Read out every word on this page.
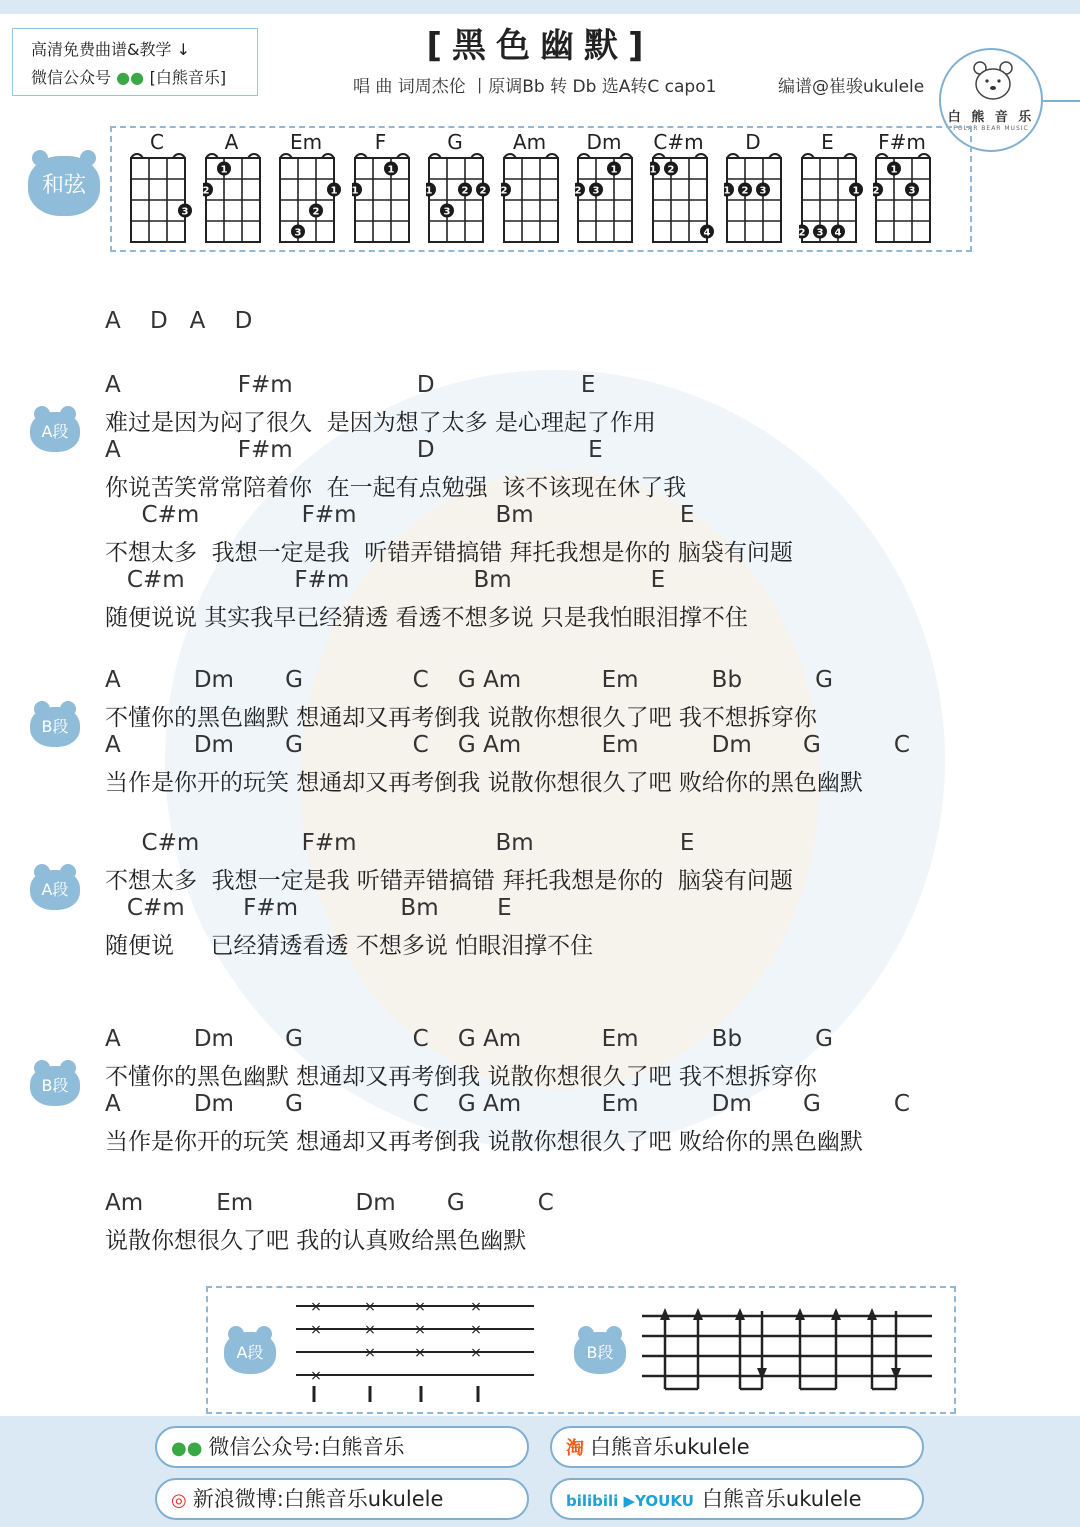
高清免费曲谱&教学 ↓
微信公众号 ●● [白熊音乐]
[黑色幽默]
唱 曲 词周杰伦 丨原调Bb 转 Db 选A转C capo1	编谱@崔骏ukulele
白 熊 音 乐
POLAR BEAR MUSIC
和弦
C
3
A
1
2
Em
1
2
3
F
1
1
G
1	2
3
2
Am
2
Dm
2 3
1
C#m
1 2
4
D
1 2 3
E
1
2 3 4
F#m
1
2	3
A    D   A    D
A段
A                F#m                 D                    E
难过是因为闷了很久  是因为想了太多 是心理起了作用
A                F#m                 D                     E
你说苦笑常常陪着你  在一起有点勉强  该不该现在休了我
C#m              F#m                   Bm                    E
不想太多  我想一定是我  听错弄错搞错 拜托我想是你的 脑袋有问题
C#m               F#m                 Bm                   E
随便说说 其实我早已经猜透 看透不想多说 只是我怕眼泪撑不住
B段
A          Dm       G               C    G Am           Em          Bb          G
不懂你的黑色幽默 想通却又再考倒我 说散你想很久了吧 我不想拆穿你
A          Dm       G               C    G Am           Em          Dm       G          C
当作是你开的玩笑 想通却又再考倒我 说散你想很久了吧 败给你的黑色幽默
A段
C#m              F#m                   Bm                    E
不想太多  我想一定是我 听错弄错搞错 拜托我想是你的  脑袋有问题
C#m        F#m              Bm        E
随便说     已经猜透看透 不想多说 怕眼泪撑不住
B段
A          Dm       G               C    G Am           Em          Bb          G
不懂你的黑色幽默 想通却又再考倒我 说散你想很久了吧 我不想拆穿你
A          Dm       G               C    G Am           Em          Dm       G          C
当作是你开的玩笑 想通却又再考倒我 说散你想很久了吧 败给你的黑色幽默
Am          Em              Dm       G          C
说散你想很久了吧 我的认真败给黑色幽默
A段
×	×	×	×
×	×	×	×
×	×	×
×
B段
●● 微信公众号:白熊音乐	淘 白熊音乐ukulele
◎ 新浪微博:白熊音乐ukulele	bilibili ▶YOUKU 白熊音乐ukulele
